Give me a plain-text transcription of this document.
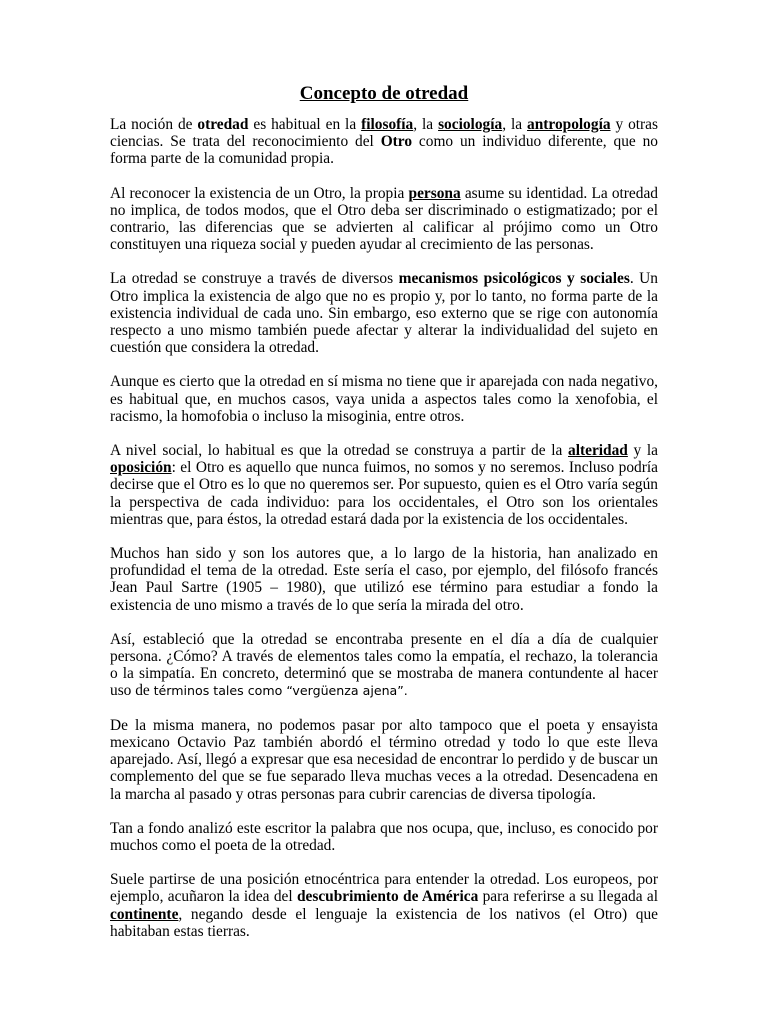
Concepto de otredad

La noción de otredad es habitual en la filosofía, la sociología, la antropología y otras ciencias. Se trata del reconocimiento del Otro como un individuo diferente, que no forma parte de la comunidad propia.

Al reconocer la existencia de un Otro, la propia persona asume su identidad. La otredad no implica, de todos modos, que el Otro deba ser discriminado o estigmatizado; por el contrario, las diferencias que se advierten al calificar al prójimo como un Otro constituyen una riqueza social y pueden ayudar al crecimiento de las personas.

La otredad se construye a través de diversos mecanismos psicológicos y sociales. Un Otro implica la existencia de algo que no es propio y, por lo tanto, no forma parte de la existencia individual de cada uno. Sin embargo, eso externo que se rige con autonomía respecto a uno mismo también puede afectar y alterar la individualidad del sujeto en cuestión que considera la otredad.

Aunque es cierto que la otredad en sí misma no tiene que ir aparejada con nada negativo, es habitual que, en muchos casos, vaya unida a aspectos tales como la xenofobia, el racismo, la homofobia o incluso la misoginia, entre otros.

A nivel social, lo habitual es que la otredad se construya a partir de la alteridad y la oposición: el Otro es aquello que nunca fuimos, no somos y no seremos. Incluso podría decirse que el Otro es lo que no queremos ser. Por supuesto, quien es el Otro varía según la perspectiva de cada individuo: para los occidentales, el Otro son los orientales mientras que, para éstos, la otredad estará dada por la existencia de los occidentales.

Muchos han sido y son los autores que, a lo largo de la historia, han analizado en profundidad el tema de la otredad. Este sería el caso, por ejemplo, del filósofo francés Jean Paul Sartre (1905 – 1980), que utilizó ese término para estudiar a fondo la existencia de uno mismo a través de lo que sería la mirada del otro.

Así, estableció que la otredad se encontraba presente en el día a día de cualquier persona. ¿Cómo? A través de elementos tales como la empatía, el rechazo, la tolerancia o la simpatía. En concreto, determinó que se mostraba de manera contundente al hacer uso de términos tales como “vergüenza ajena”.

De la misma manera, no podemos pasar por alto tampoco que el poeta y ensayista mexicano Octavio Paz también abordó el término otredad y todo lo que este lleva aparejado. Así, llegó a expresar que esa necesidad de encontrar lo perdido y de buscar un complemento del que se fue separado lleva muchas veces a la otredad. Desencadena en la marcha al pasado y otras personas para cubrir carencias de diversa tipología.

Tan a fondo analizó este escritor la palabra que nos ocupa, que, incluso, es conocido por muchos como el poeta de la otredad.

Suele partirse de una posición etnocéntrica para entender la otredad. Los europeos, por ejemplo, acuñaron la idea del descubrimiento de América para referirse a su llegada al continente, negando desde el lenguaje la existencia de los nativos (el Otro) que habitaban estas tierras.
